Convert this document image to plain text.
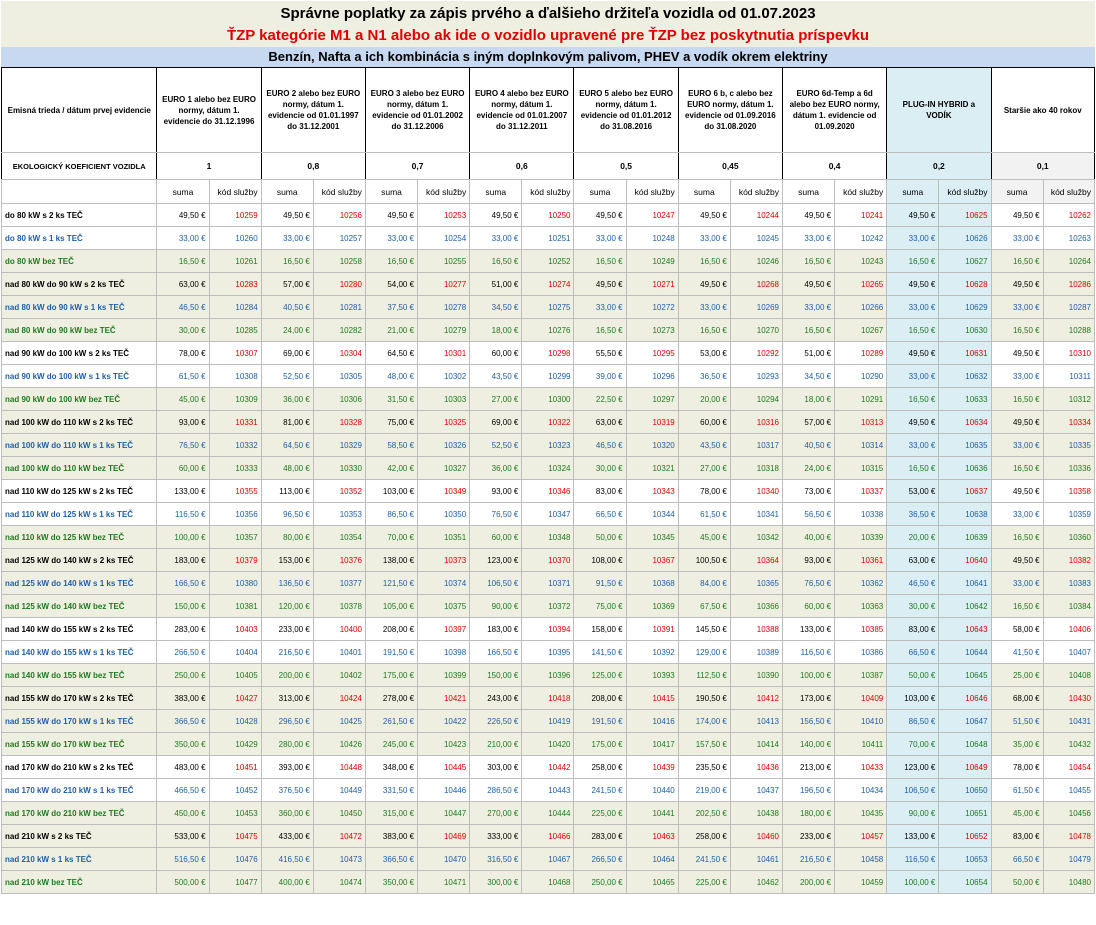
Správne poplatky za zápis prvého a ďalšieho držiteľa vozidla od 01.07.2023
ŤZP kategórie M1 a N1 alebo ak ide o vozidlo upravené pre ŤZP bez poskytnutia príspevku
Benzín, Nafta a ich kombinácia s iným doplnkovým palivom, PHEV a vodík okrem elektriny
Emisná trieda / dátum prvej evidencie	EURO 1 alebo bez EURO normy, dátum 1. evidencie do 31.12.1996		EURO 2 alebo bez EURO normy, dátum 1. evidencie od 01.01.1997 do 31.12.2001		EURO 3 alebo bez EURO normy, dátum 1. evidencie od 01.01.2002 do 31.12.2006		EURO 4 alebo bez EURO normy, dátum 1. evidencie od 01.01.2007 do 31.12.2011		EURO 5 alebo bez EURO normy, dátum 1. evidencie od 01.01.2012 do 31.08.2016		EURO 6 b, c alebo bez EURO normy, dátum 1. evidencie od 01.09.2016 do 31.08.2020		EURO 6d-Temp a 6d alebo bez EURO normy, dátum 1. evidencie od 01.09.2020		PLUG-IN HYBRID a VODÍK		Staršie ako 40 rokov	
EKOLOGICKÝ KOEFICIENT VOZIDLA	1		0,8		0,7		0,6		0,5		0,45		0,4		0,2		0,1	
	suma	kód služby	suma	kód služby	suma	kód služby	suma	kód služby	suma	kód služby	suma	kód služby	suma	kód služby	suma	kód služby	suma	kód služby
do 80 kW s 2 ks TEČ	49,50 €	10259	49,50 €	10256	49,50 €	10253	49,50 €	10250	49,50 €	10247	49,50 €	10244	49,50 €	10241	49,50 €	10625	49,50 €	10262
do 80 kW s 1 ks TEČ	33,00 €	10260	33,00 €	10257	33,00 €	10254	33,00 €	10251	33,00 €	10248	33,00 €	10245	33,00 €	10242	33,00 €	10626	33,00 €	10263
do 80 kW bez TEČ	16,50 €	10261	16,50 €	10258	16,50 €	10255	16,50 €	10252	16,50 €	10249	16,50 €	10246	16,50 €	10243	16,50 €	10627	16,50 €	10264
nad 80 kW do 90 kW s 2 ks TEČ	63,00 €	10283	57,00 €	10280	54,00 €	10277	51,00 €	10274	49,50 €	10271	49,50 €	10268	49,50 €	10265	49,50 €	10628	49,50 €	10286
nad 80 kW do 90 kW s 1 ks TEČ	46,50 €	10284	40,50 €	10281	37,50 €	10278	34,50 €	10275	33,00 €	10272	33,00 €	10269	33,00 €	10266	33,00 €	10629	33,00 €	10287
nad 80 kW do 90 kW bez TEČ	30,00 €	10285	24,00 €	10282	21,00 €	10279	18,00 €	10276	16,50 €	10273	16,50 €	10270	16,50 €	10267	16,50 €	10630	16,50 €	10288
nad 90 kW do 100 kW s 2 ks TEČ	78,00 €	10307	69,00 €	10304	64,50 €	10301	60,00 €	10298	55,50 €	10295	53,00 €	10292	51,00 €	10289	49,50 €	10631	49,50 €	10310
nad 90 kW do 100 kW s 1 ks TEČ	61,50 €	10308	52,50 €	10305	48,00 €	10302	43,50 €	10299	39,00 €	10296	36,50 €	10293	34,50 €	10290	33,00 €	10632	33,00 €	10311
nad 90 kW do 100 kW bez TEČ	45,00 €	10309	36,00 €	10306	31,50 €	10303	27,00 €	10300	22,50 €	10297	20,00 €	10294	18,00 €	10291	16,50 €	10633	16,50 €	10312
nad 100 kW do 110 kW s 2 ks TEČ	93,00 €	10331	81,00 €	10328	75,00 €	10325	69,00 €	10322	63,00 €	10319	60,00 €	10316	57,00 €	10313	49,50 €	10634	49,50 €	10334
nad 100 kW do 110 kW s 1 ks TEČ	76,50 €	10332	64,50 €	10329	58,50 €	10326	52,50 €	10323	46,50 €	10320	43,50 €	10317	40,50 €	10314	33,00 €	10635	33,00 €	10335
nad 100 kW do 110 kW bez TEČ	60,00 €	10333	48,00 €	10330	42,00 €	10327	36,00 €	10324	30,00 €	10321	27,00 €	10318	24,00 €	10315	16,50 €	10636	16,50 €	10336
nad 110 kW do 125 kW s 2 ks TEČ	133,00 €	10355	113,00 €	10352	103,00 €	10349	93,00 €	10346	83,00 €	10343	78,00 €	10340	73,00 €	10337	53,00 €	10637	49,50 €	10358
nad 110 kW do 125 kW s 1 ks TEČ	116,50 €	10356	96,50 €	10353	86,50 €	10350	76,50 €	10347	66,50 €	10344	61,50 €	10341	56,50 €	10338	36,50 €	10638	33,00 €	10359
nad 110 kW do 125 kW bez TEČ	100,00 €	10357	80,00 €	10354	70,00 €	10351	60,00 €	10348	50,00 €	10345	45,00 €	10342	40,00 €	10339	20,00 €	10639	16,50 €	10360
nad 125 kW do 140 kW s 2 ks TEČ	183,00 €	10379	153,00 €	10376	138,00 €	10373	123,00 €	10370	108,00 €	10367	100,50 €	10364	93,00 €	10361	63,00 €	10640	49,50 €	10382
nad 125 kW do 140 kW s 1 ks TEČ	166,50 €	10380	136,50 €	10377	121,50 €	10374	106,50 €	10371	91,50 €	10368	84,00 €	10365	76,50 €	10362	46,50 €	10641	33,00 €	10383
nad 125 kW do 140 kW bez TEČ	150,00 €	10381	120,00 €	10378	105,00 €	10375	90,00 €	10372	75,00 €	10369	67,50 €	10366	60,00 €	10363	30,00 €	10642	16,50 €	10384
nad 140 kW do 155 kW s 2 ks TEČ	283,00 €	10403	233,00 €	10400	208,00 €	10397	183,00 €	10394	158,00 €	10391	145,50 €	10388	133,00 €	10385	83,00 €	10643	58,00 €	10406
nad 140 kW do 155 kW s 1 ks TEČ	266,50 €	10404	216,50 €	10401	191,50 €	10398	166,50 €	10395	141,50 €	10392	129,00 €	10389	116,50 €	10386	66,50 €	10644	41,50 €	10407
nad 140 kW do 155 kW bez TEČ	250,00 €	10405	200,00 €	10402	175,00 €	10399	150,00 €	10396	125,00 €	10393	112,50 €	10390	100,00 €	10387	50,00 €	10645	25,00 €	10408
nad 155 kW do 170 kW s 2 ks TEČ	383,00 €	10427	313,00 €	10424	278,00 €	10421	243,00 €	10418	208,00 €	10415	190,50 €	10412	173,00 €	10409	103,00 €	10646	68,00 €	10430
nad 155 kW do 170 kW s 1 ks TEČ	366,50 €	10428	296,50 €	10425	261,50 €	10422	226,50 €	10419	191,50 €	10416	174,00 €	10413	156,50 €	10410	86,50 €	10647	51,50 €	10431
nad 155 kW do 170 kW bez TEČ	350,00 €	10429	280,00 €	10426	245,00 €	10423	210,00 €	10420	175,00 €	10417	157,50 €	10414	140,00 €	10411	70,00 €	10648	35,00 €	10432
nad 170 kW do 210 kW s 2 ks TEČ	483,00 €	10451	393,00 €	10448	348,00 €	10445	303,00 €	10442	258,00 €	10439	235,50 €	10436	213,00 €	10433	123,00 €	10649	78,00 €	10454
nad 170 kW do 210 kW s 1 ks TEČ	466,50 €	10452	376,50 €	10449	331,50 €	10446	286,50 €	10443	241,50 €	10440	219,00 €	10437	196,50 €	10434	106,50 €	10650	61,50 €	10455
nad 170 kW do 210 kW bez TEČ	450,00 €	10453	360,00 €	10450	315,00 €	10447	270,00 €	10444	225,00 €	10441	202,50 €	10438	180,00 €	10435	90,00 €	10651	45,00 €	10456
nad 210 kW s 2 ks TEČ	533,00 €	10475	433,00 €	10472	383,00 €	10469	333,00 €	10466	283,00 €	10463	258,00 €	10460	233,00 €	10457	133,00 €	10652	83,00 €	10478
nad 210 kW s 1 ks TEČ	516,50 €	10476	416,50 €	10473	366,50 €	10470	316,50 €	10467	266,50 €	10464	241,50 €	10461	216,50 €	10458	116,50 €	10653	66,50 €	10479
nad 210 kW bez TEČ	500,00 €	10477	400,00 €	10474	350,00 €	10471	300,00 €	10468	250,00 €	10465	225,00 €	10462	200,00 €	10459	100,00 €	10654	50,00 €	10480
